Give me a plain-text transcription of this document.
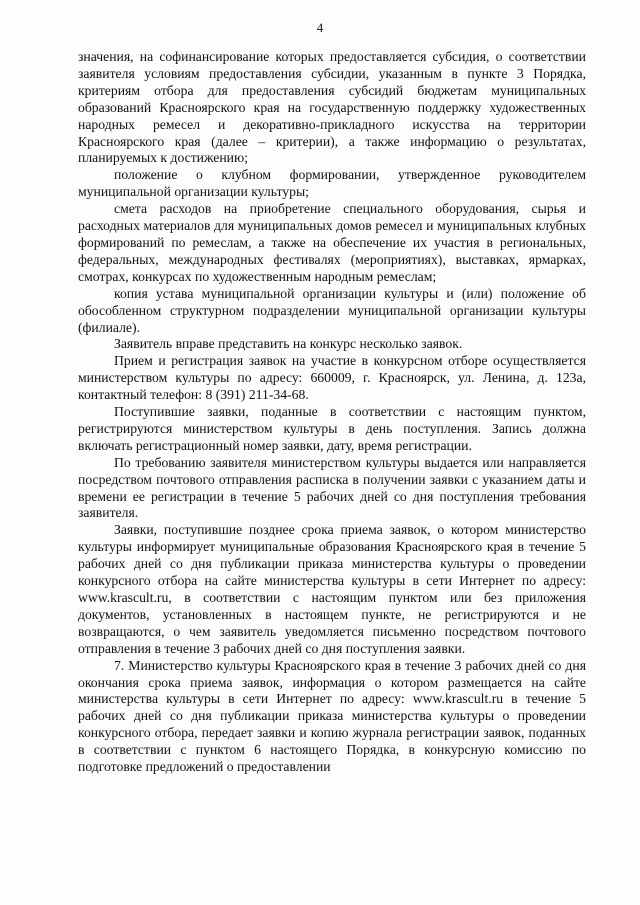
4

значения, на софинансирование которых предоставляется субсидия, о соответствии заявителя условиям предоставления субсидии, указанным в пункте 3 Порядка, критериям отбора для предоставления субсидий бюджетам муниципальных образований Красноярского края на государственную поддержку художественных народных ремесел и декоративно-прикладного искусства на территории Красноярского края (далее – критерии), а также информацию о результатах, планируемых к достижению;

положение о клубном формировании, утвержденное руководителем муниципальной организации культуры;

смета расходов на приобретение специального оборудования, сырья и расходных материалов для муниципальных домов ремесел и муниципальных клубных формирований по ремеслам, а также на обеспечение их участия в региональных, федеральных, международных фестивалях (мероприятиях), выставках, ярмарках, смотрах, конкурсах по художественным народным ремеслам;

копия устава муниципальной организации культуры и (или) положение об обособленном структурном подразделении муниципальной организации культуры (филиале).

Заявитель вправе представить на конкурс несколько заявок.

Прием и регистрация заявок на участие в конкурсном отборе осуществляется министерством культуры по адресу: 660009, г. Красноярск, ул. Ленина, д. 123а, контактный телефон: 8 (391) 211-34-68.

Поступившие заявки, поданные в соответствии с настоящим пунктом, регистрируются министерством культуры в день поступления. Запись должна включать регистрационный номер заявки, дату, время регистрации.

По требованию заявителя министерством культуры выдается или направляется посредством почтового отправления расписка в получении заявки с указанием даты и времени ее регистрации в течение 5 рабочих дней со дня поступления требования заявителя.

Заявки, поступившие позднее срока приема заявок, о котором министерство культуры информирует муниципальные образования Красноярского края в течение 5 рабочих дней со дня публикации приказа министерства культуры о проведении конкурсного отбора на сайте министерства культуры в сети Интернет по адресу: www.krascult.ru, в соответствии с настоящим пунктом или без приложения документов, установленных в настоящем пункте, не регистрируются и не возвращаются, о чем заявитель уведомляется письменно посредством почтового отправления в течение 3 рабочих дней со дня поступления заявки.

7. Министерство культуры Красноярского края в течение 3 рабочих дней со дня окончания срока приема заявок, информация о котором размещается на сайте министерства культуры в сети Интернет по адресу: www.krascult.ru в течение 5 рабочих дней со дня публикации приказа министерства культуры о проведении конкурсного отбора, передает заявки и копию журнала регистрации заявок, поданных в соответствии с пунктом 6 настоящего Порядка, в конкурсную комиссию по подготовке предложений о предоставлении
